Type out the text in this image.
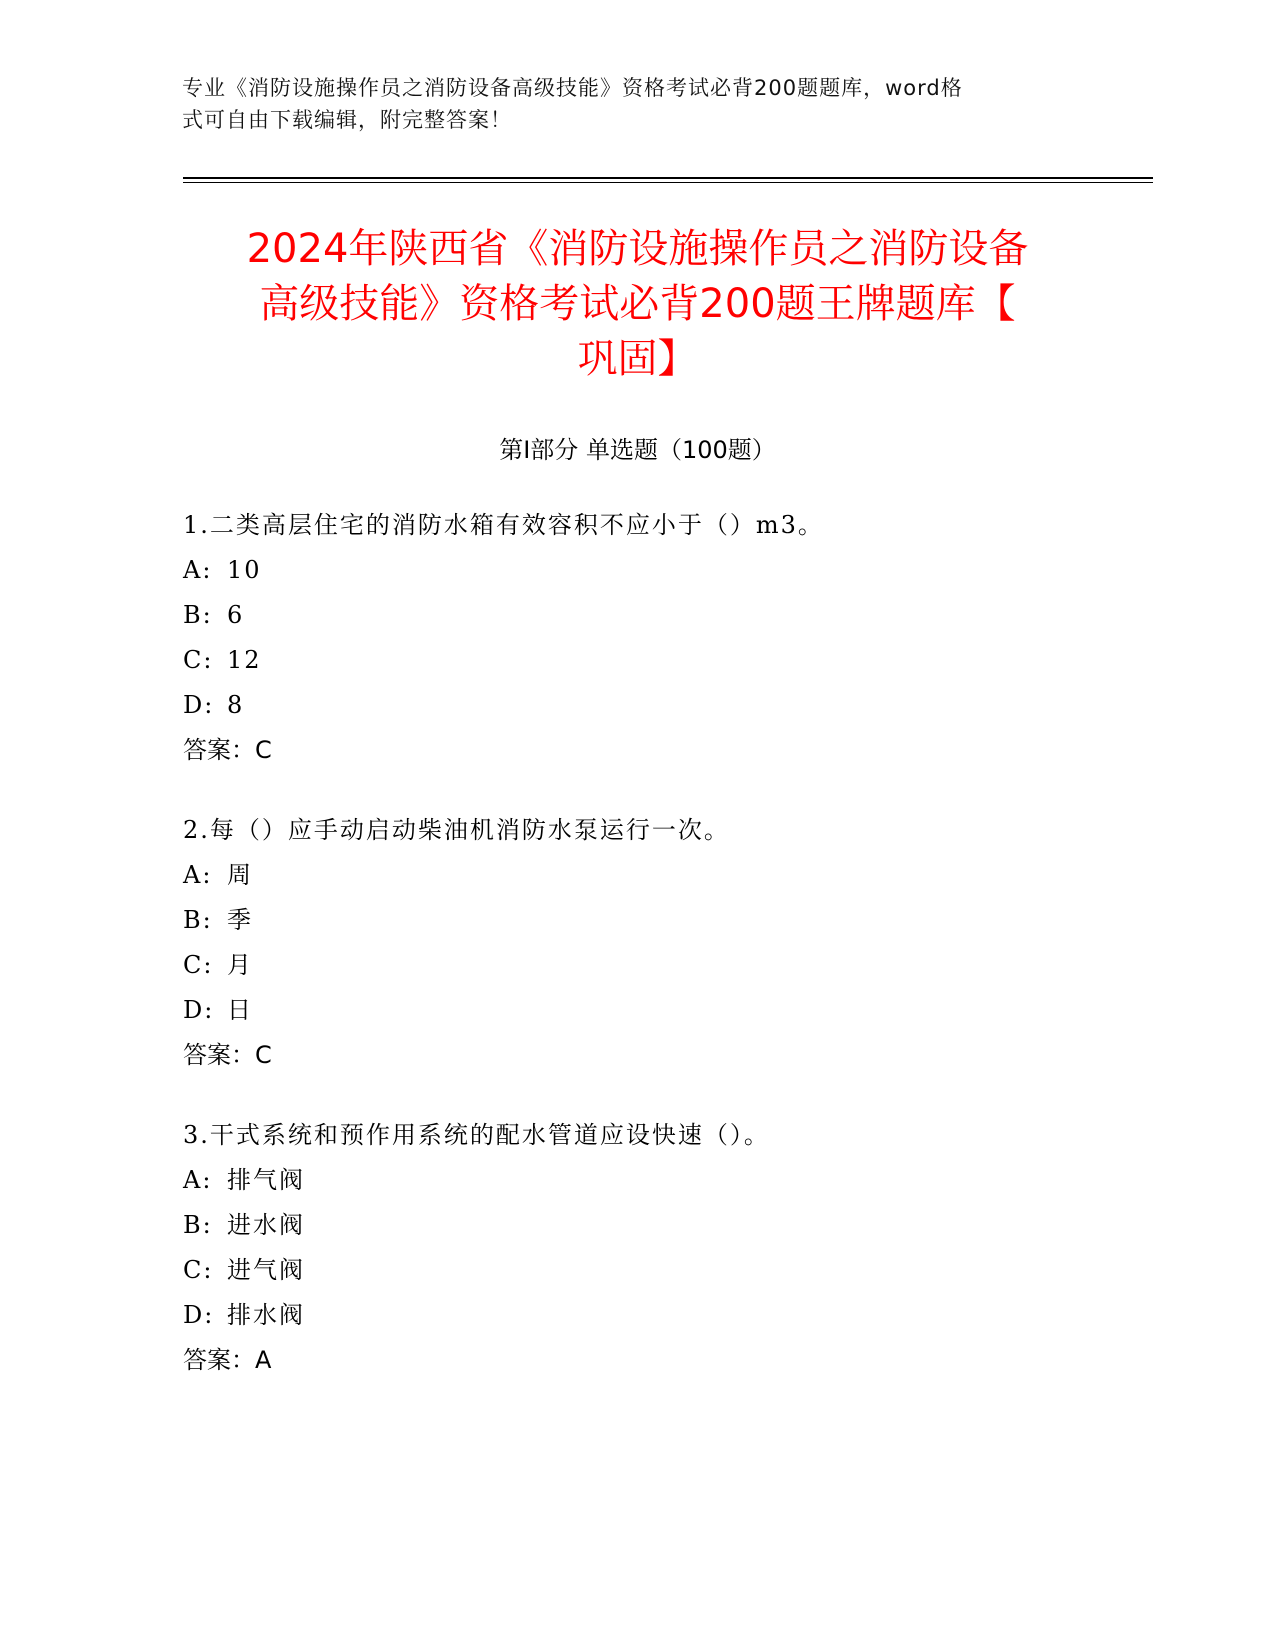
专业《消防设施操作员之消防设备高级技能》资格考试必背200题题库，word格
式可自由下载编辑，附完整答案！
2024年陕西省《消防设施操作员之消防设备
高级技能》资格考试必背200题王牌题库【
巩固】
第Ⅰ部分 单选题（100题）
1.二类高层住宅的消防水箱有效容积不应小于（）m3。
A: 10
B: 6
C: 12
D: 8
答案：C
2.每（）应手动启动柴油机消防水泵运行一次。
A: 周
B: 季
C: 月
D: 日
答案：C
3.干式系统和预作用系统的配水管道应设快速（）。
A: 排气阀
B: 进水阀
C: 进气阀
D: 排水阀
答案：A
